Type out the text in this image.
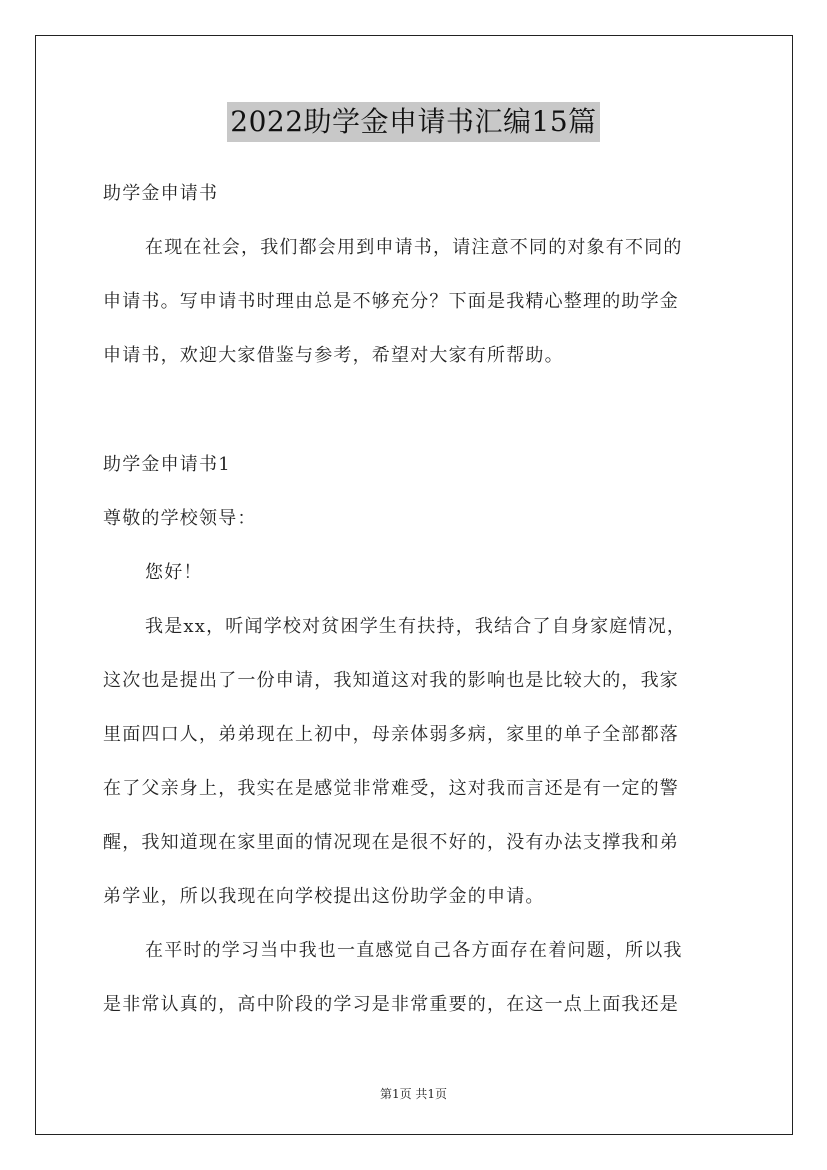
2022助学金申请书汇编15篇
助学金申请书
在现在社会，我们都会用到申请书，请注意不同的对象有不同的
申请书。写申请书时理由总是不够充分？下面是我精心整理的助学金
申请书，欢迎大家借鉴与参考，希望对大家有所帮助。
助学金申请书1
尊敬的学校领导：
您好！
我是xx，听闻学校对贫困学生有扶持，我结合了自身家庭情况，
这次也是提出了一份申请，我知道这对我的影响也是比较大的，我家
里面四口人，弟弟现在上初中，母亲体弱多病，家里的单子全部都落
在了父亲身上，我实在是感觉非常难受，这对我而言还是有一定的警
醒，我知道现在家里面的情况现在是很不好的，没有办法支撑我和弟
弟学业，所以我现在向学校提出这份助学金的申请。
在平时的学习当中我也一直感觉自己各方面存在着问题，所以我
是非常认真的，高中阶段的学习是非常重要的，在这一点上面我还是
第1页 共1页
